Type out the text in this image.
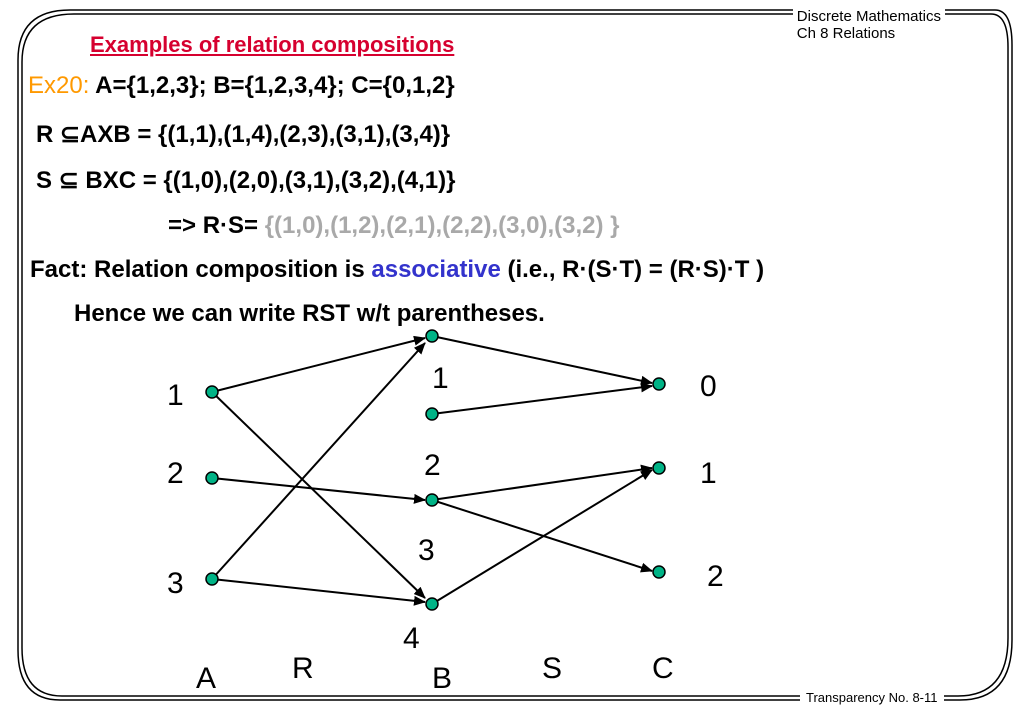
Discrete Mathematics
Ch 8 Relations
Examples of relation compositions
Ex20: A={1,2,3}; B={1,2,3,4}; C={0,1,2}
R ⊆AXB = {(1,1),(1,4),(2,3),(3,1),(3,4)}
S ⊆ BXC = {(1,0),(2,0),(3,1),(3,2),(4,1)}
=> R·S= {(1,0),(1,2),(2,1),(2,2),(3,0),(3,2) }
Fact: Relation composition is associative (i.e., R·(S·T) = (R·S)·T )
Hence we can write RST w/t parentheses.
1
2
3
1
2
3
4
0
1
2
A	R	B	S	C
Transparency No. 8-11
